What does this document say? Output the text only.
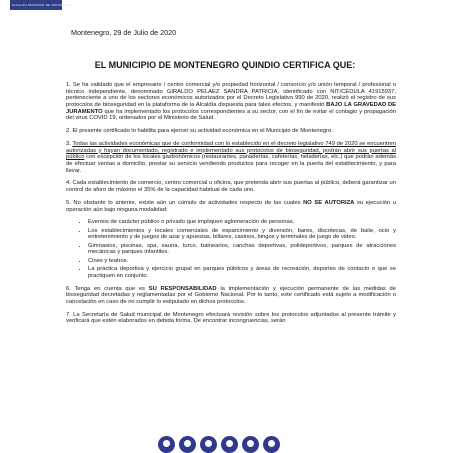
ALCALDIA MUNICIPAL DE MONTENEGRO
Montenegro, 29 de Julio de 2020
EL MUNICIPIO DE MONTENEGRO QUINDIO CERTIFICA QUE:

1. Se ha validado que el empresario / centro comercial y/o propiedad horizontal / consorcio y/o unión temporal / profesional o técnico independiente, denominado GIRALDO PELAEZ SANDRA PATRICIA, identificado con NIT/CÉDULA 41915937, perteneciente a uno de los sectores económicos autorizados por el Decreto Legislativo 990 de 2020, realizó el registro de sus protocolos de bioseguridad en la plataforma de la Alcaldía dispuesta para tales efectos, y manifestó BAJO LA GRAVEDAD DE JURAMENTO que ha implementado los protocolos correspondientes a su sector, con el fin de evitar el contagio y propagación del virus COVID 19, ordenados por el Ministerio de Salud.

2. El presente certificado lo habilita para ejercer su actividad económica en el Municipio de Montenegro.

3. Todas las actividades económicas que de conformidad con lo establecido en el decreto legislativo 749 de 2020 se encuentren autorizadas y hayan documentado, registrado e implementado sus protocolos de bioseguridad, podrán abrir sus puertas al público con excepción de los locales gastronómicos (restaurantes, panaderías, cafeterías, heladerías, etc.) que podrán además de efectuar ventas a domicilio, prestar su servicio vendiendo productos para recoger en la puerta del establecimiento, y para llevar.

4. Cada establecimiento de comercio, centro comercial u oficina, que pretenda abrir sus puertas al público, deberá garantizar un control de aforo de máximo el 35% de la capacidad habitual de cada uno.

5. No obstante lo anterior, existe aún un cúmulo de actividades respecto de las cuales NO SE AUTORIZA su ejecución u operación aún bajo ninguna modalidad:

• Eventos de carácter público o privado que impliquen aglomeración de personas.
• Los establecimientos y locales comerciales de esparcimiento y diversión, bares, discotecas, de baile, ocio y entretenimiento y de juegos de azar y apuestas, billares, casinos, bingos y terminales de juego de video.
• Gimnasios, piscinas, spa, sauna, turco, balnearios, canchas deportivas, polideportivos, parques de atracciones mecánicas y parques infantiles.
• Cines y teatros.
• La práctica deportiva y ejercicio grupal en parques públicos y áreas de recreación, deportes de contacto o que se practiquen en conjunto.

6. Tenga en cuenta que es SU RESPONSABILIDAD la implementación y ejecución permanente de las medidas de bioseguridad decretadas y reglamentadas por el Gobierno Nacional. Por lo tanto, este certificado está sujeto a modificación o cancelación en caso de no cumplir lo estipulado en dichos protocolos.

7. La Secretaría de Salud municipal de Montenegro efectuará revisión sobre los protocolos adjuntados al presente trámite y verificará que estén elaborados en debida forma. De encontrar incongruencias, serán
